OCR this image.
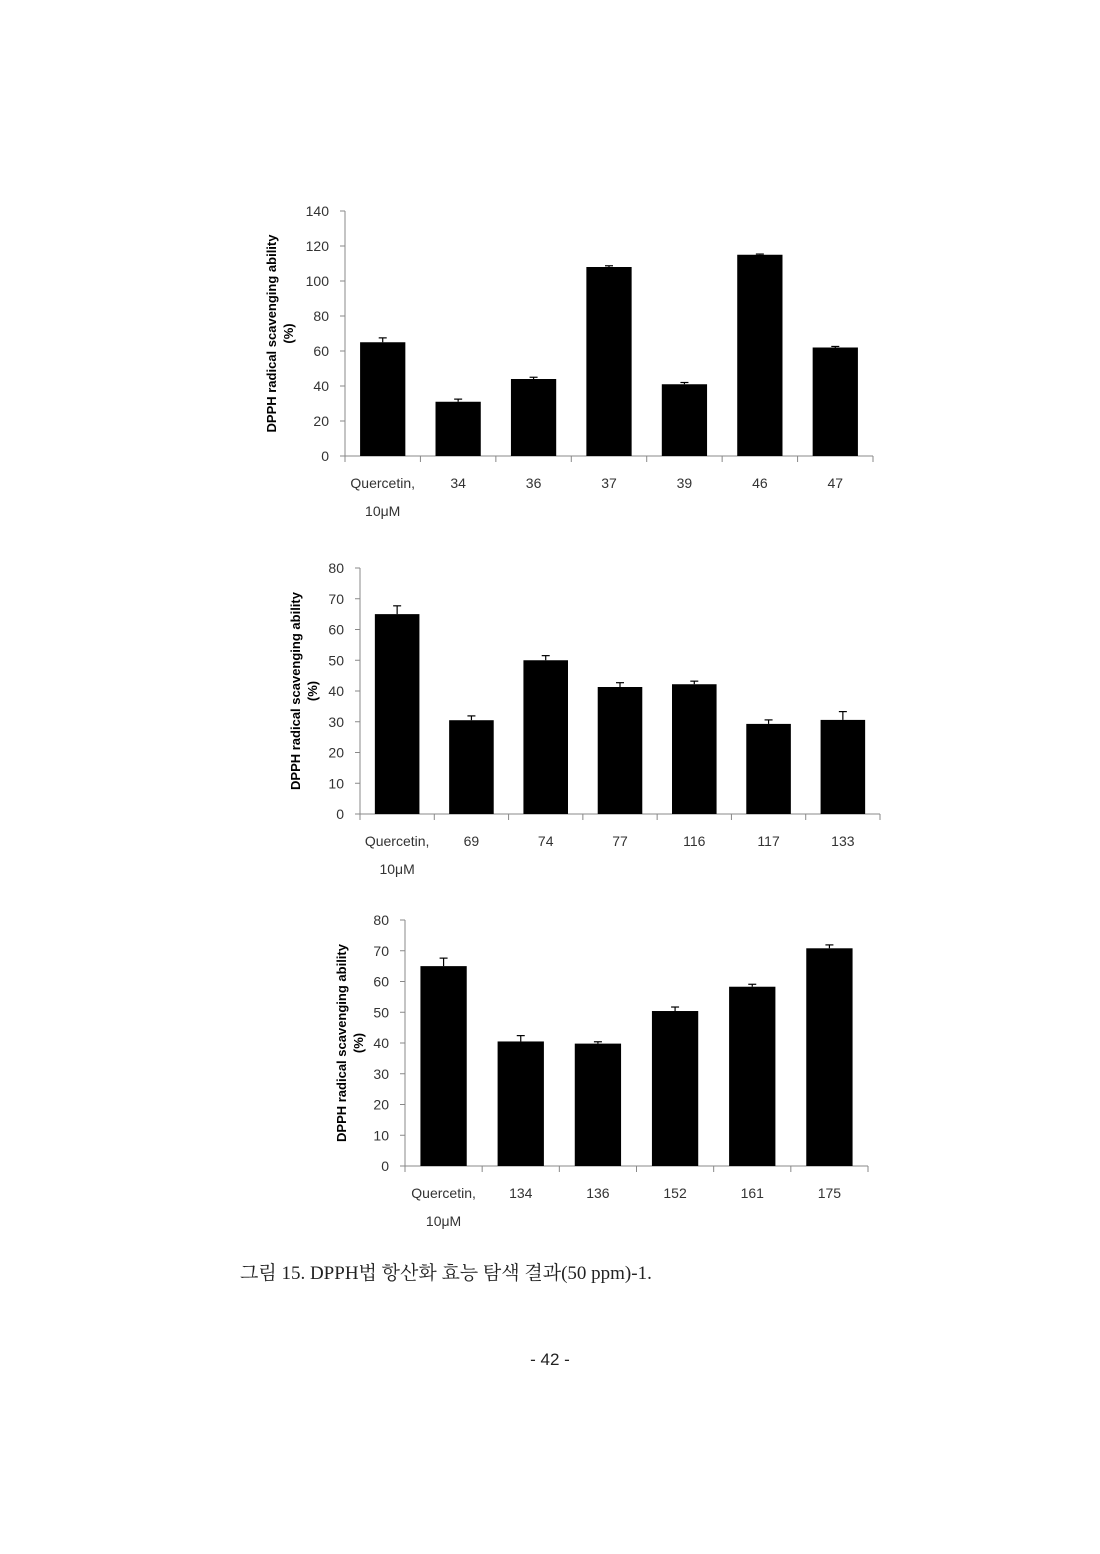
0
20
40
60
80
100
120
140
Quercetin,
10μM
34	36	37	39	46	47
DPPH radical scavenging ability (%)
0
10
20
30
40
50
60
70
80
Quercetin,
10μM
69	74	77	116	117	133
DPPH radical scavenging ability (%)
0
10
20
30
40
50
60
70
80
Quercetin,
10μM
134	136	152	161	175
DPPH radical scavenging ability (%)
그림 15. DPPH법 항산화 효능 탐색 결과(50 ppm)-1.
- 42 -
